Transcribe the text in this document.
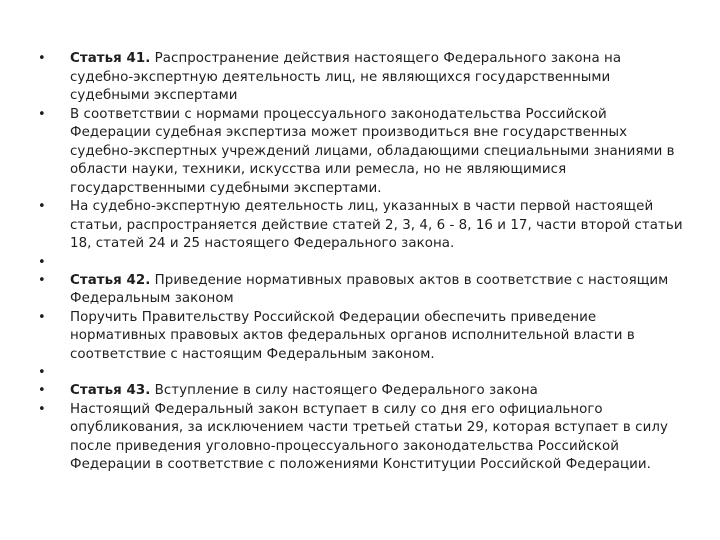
•	Статья 41. Распространение действия настоящего Федерального закона на судебно-экспертную деятельность лиц, не являющихся государственными судебными экспертами
•	В соответствии с нормами процессуального законодательства Российской Федерации судебная экспертиза может производиться вне государственных судебно-экспертных учреждений лицами, обладающими специальными знаниями в области науки, техники, искусства или ремесла, но не являющимися государственными судебными экспертами.
•	На судебно-экспертную деятельность лиц, указанных в части первой настоящей статьи, распространяется действие статей 2, 3, 4, 6 - 8, 16 и 17, части второй статьи 18, статей 24 и 25 настоящего Федерального закона.
•
•	Статья 42. Приведение нормативных правовых актов в соответствие с настоящим Федеральным законом
•	Поручить Правительству Российской Федерации обеспечить приведение нормативных правовых актов федеральных органов исполнительной власти в соответствие с настоящим Федеральным законом.
•
•	Статья 43. Вступление в силу настоящего Федерального закона
•	Настоящий Федеральный закон вступает в силу со дня его официального опубликования, за исключением части третьей статьи 29, которая вступает в силу после приведения уголовно-процессуального законодательства Российской Федерации в соответствие с положениями Конституции Российской Федерации.
